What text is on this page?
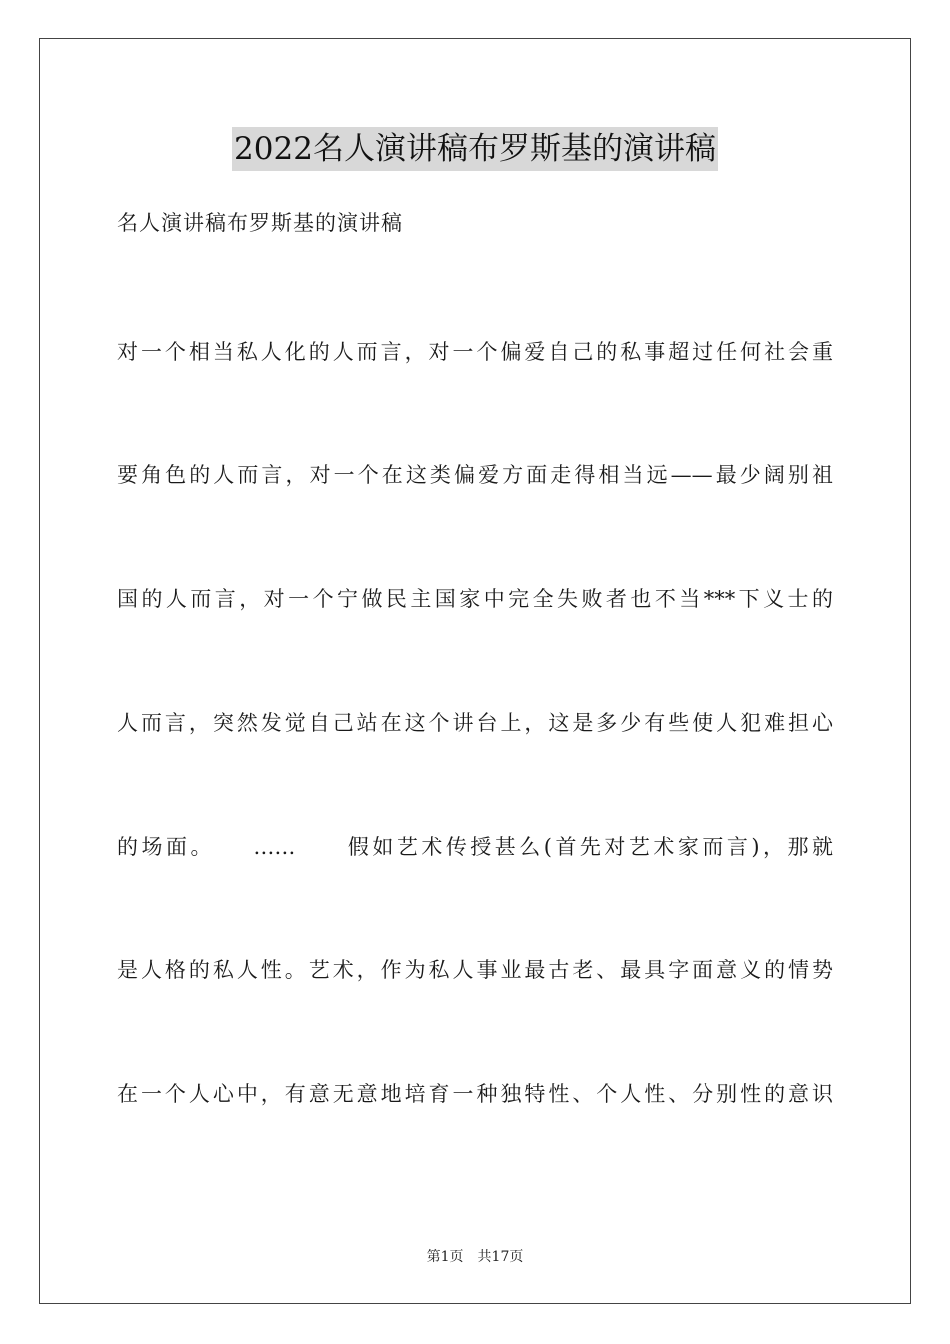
2022名人演讲稿布罗斯基的演讲稿
名人演讲稿布罗斯基的演讲稿
对一个相当私人化的人而言，对一个偏爱自己的私事超过任何社会重
要角色的人而言，对一个在这类偏爱方面走得相当远——最少阔别祖
国的人而言，对一个宁做民主国家中完全失败者也不当***下义士的
人而言，突然发觉自己站在这个讲台上，这是多少有些使人犯难担心
的场面。　　……　　假如艺术传授甚么(首先对艺术家而言)，那就
是人格的私人性。艺术，作为私人事业最古老、最具字面意义的情势
在一个人心中，有意无意地培育一种独特性、个人性、分别性的意识
第1页　共17页
